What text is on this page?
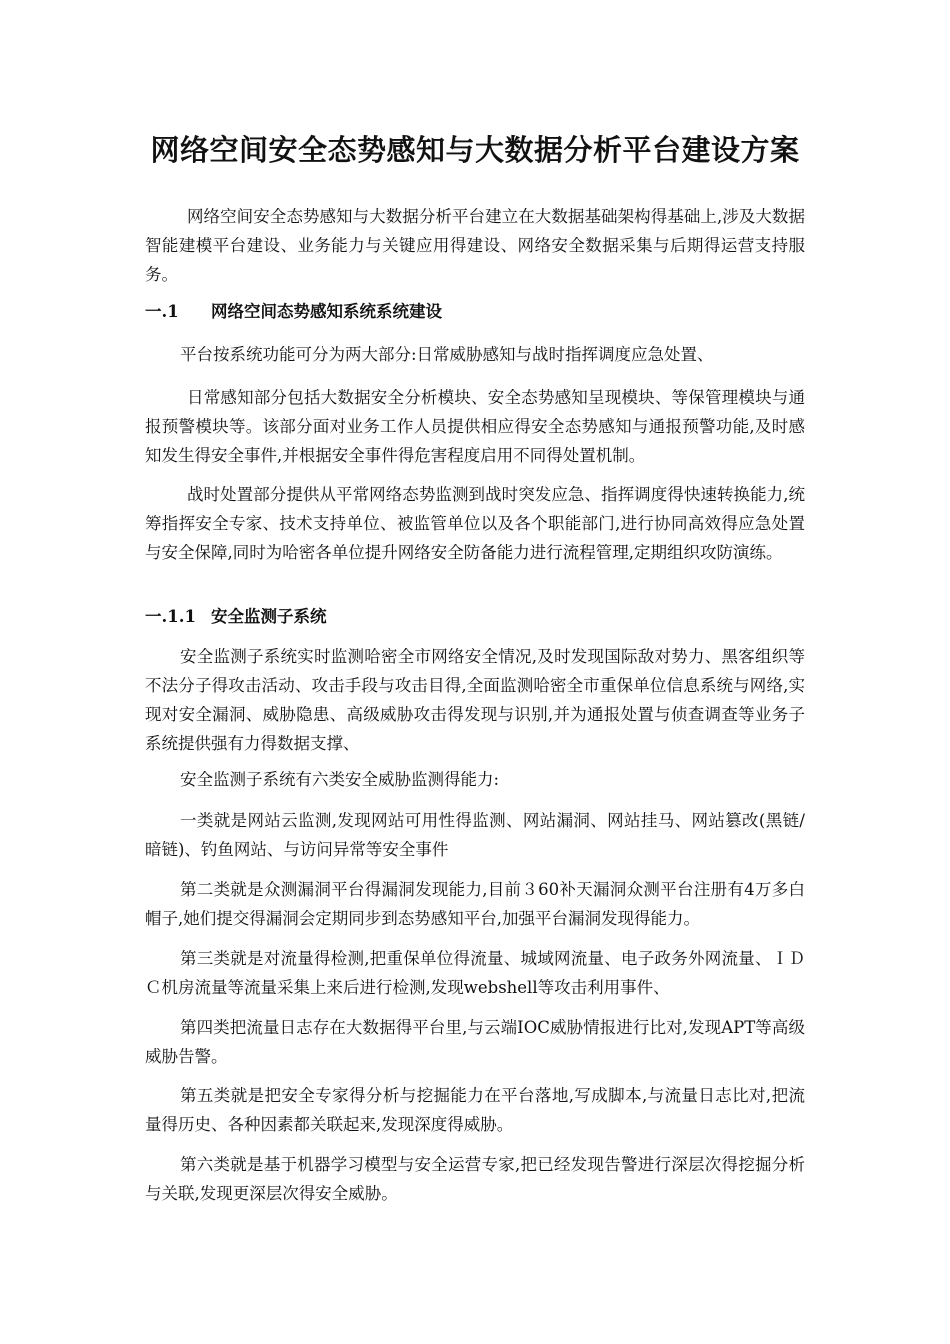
网络空间安全态势感知与大数据分析平台建设方案
网络空间安全态势感知与大数据分析平台建立在大数据基础架构得基础上,涉及大数据智能建模平台建设、业务能力与关键应用得建设、网络安全数据采集与后期得运营支持服务。
一.1 网络空间态势感知系统系统建设
平台按系统功能可分为两大部分:日常威胁感知与战时指挥调度应急处置、
日常感知部分包括大数据安全分析模块、安全态势感知呈现模块、等保管理模块与通报预警模块等。该部分面对业务工作人员提供相应得安全态势感知与通报预警功能,及时感知发生得安全事件,并根据安全事件得危害程度启用不同得处置机制。
战时处置部分提供从平常网络态势监测到战时突发应急、指挥调度得快速转换能力,统筹指挥安全专家、技术支持单位、被监管单位以及各个职能部门,进行协同高效得应急处置与安全保障,同时为哈密各单位提升网络安全防备能力进行流程管理,定期组织攻防演练。
一.1.1 安全监测子系统
安全监测子系统实时监测哈密全市网络安全情况,及时发现国际敌对势力、黑客组织等不法分子得攻击活动、攻击手段与攻击目得,全面监测哈密全市重保单位信息系统与网络,实现对安全漏洞、威胁隐患、高级威胁攻击得发现与识别,并为通报处置与侦查调查等业务子系统提供强有力得数据支撑、
安全监测子系统有六类安全威胁监测得能力:
一类就是网站云监测,发现网站可用性得监测、网站漏洞、网站挂马、网站篡改(黑链/暗链)、钓鱼网站、与访问异常等安全事件
第二类就是众测漏洞平台得漏洞发现能力,目前３60补天漏洞众测平台注册有4万多白帽子,她们提交得漏洞会定期同步到态势感知平台,加强平台漏洞发现得能力。
第三类就是对流量得检测,把重保单位得流量、城域网流量、电子政务外网流量、ＩＤＣ机房流量等流量采集上来后进行检测,发现webshell等攻击利用事件、
第四类把流量日志存在大数据得平台里,与云端IOC威胁情报进行比对,发现APT等高级威胁告警。
第五类就是把安全专家得分析与挖掘能力在平台落地,写成脚本,与流量日志比对,把流量得历史、各种因素都关联起来,发现深度得威胁。
第六类就是基于机器学习模型与安全运营专家,把已经发现告警进行深层次得挖掘分析与关联,发现更深层次得安全威胁。
